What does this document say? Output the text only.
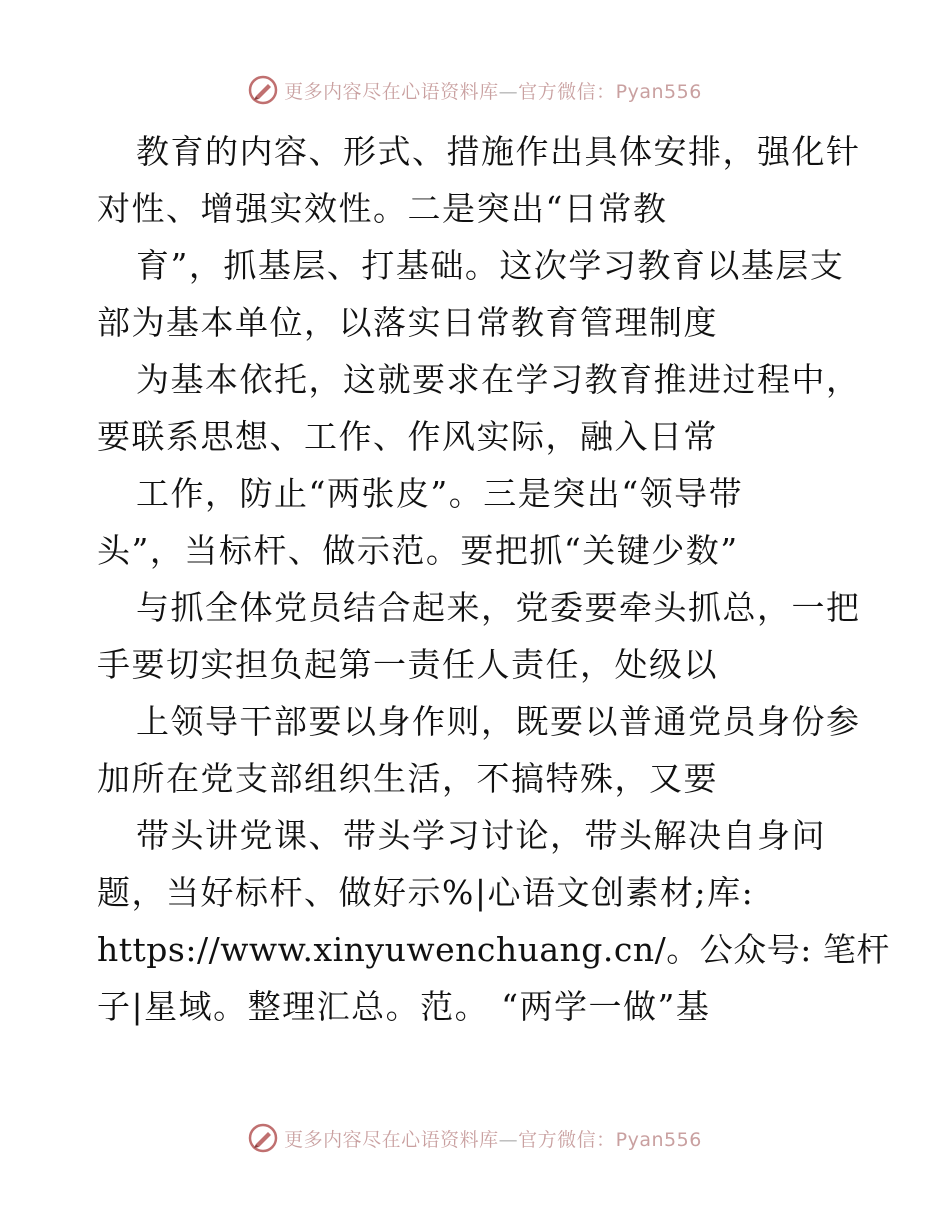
更多内容尽在心语资料库—官方微信：Pyan556
教育的内容、形式、措施作出具体安排，强化针
对性、增强实效性。二是突出“日常教
育”，抓基层、打基础。这次学习教育以基层支
部为基本单位，以落实日常教育管理制度
为基本依托，这就要求在学习教育推进过程中，
要联系思想、工作、作风实际，融入日常
工作，防止“两张皮”。三是突出“领导带
头”，当标杆、做示范。要把抓“关键少数”
与抓全体党员结合起来，党委要牵头抓总，一把
手要切实担负起第一责任人责任，处级以
上领导干部要以身作则，既要以普通党员身份参
加所在党支部组织生活，不搞特殊，又要
带头讲党课、带头学习讨论，带头解决自身问
题，当好标杆、做好示%|心语文创素材;库:
https://www.xinyuwenchuang.cn/。公众号: 笔杆
子|星域。整理汇总。范。 “两学一做”基
更多内容尽在心语资料库—官方微信：Pyan556
